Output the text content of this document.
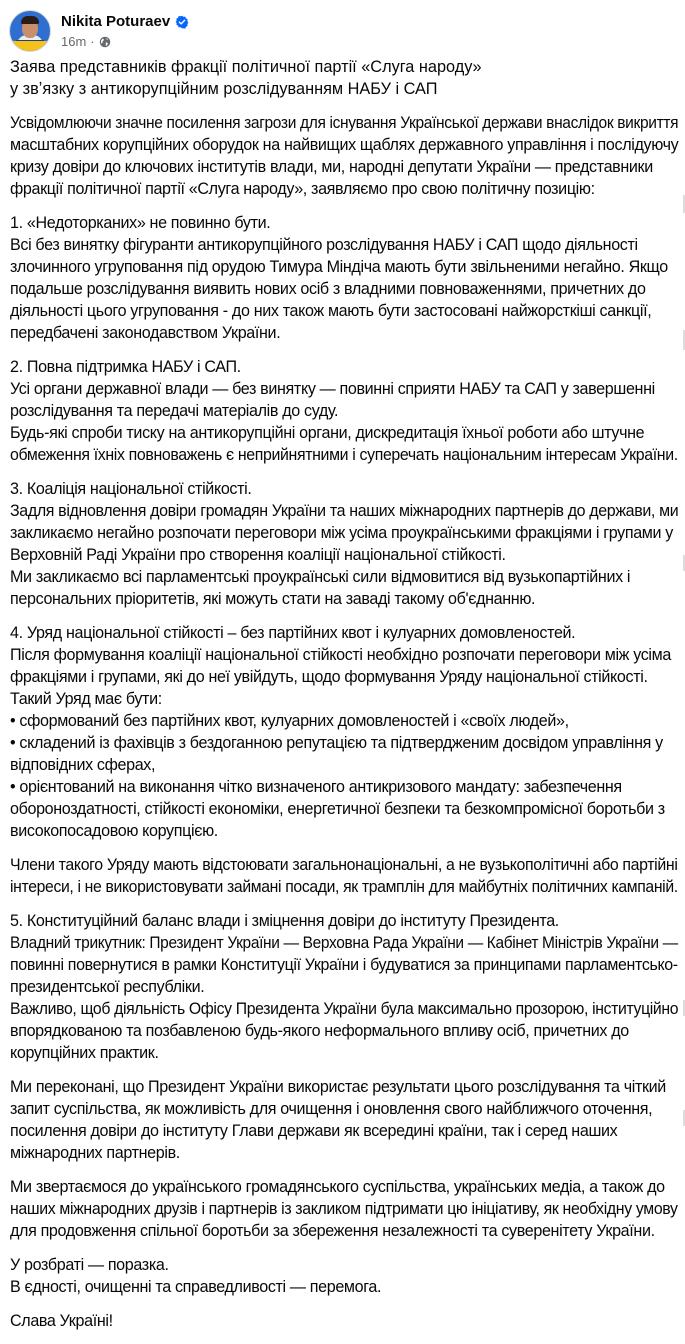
Nikita Poturaev
16m ·
Заява представників фракції політичної партії «Слуга народу»
у звʼязку з антикорупційним розслідуванням НАБУ і САП
Усвідомлюючи значне посилення загрози для існування Української держави внаслідок викриття
масштабних корупційних оборудок на найвищих щаблях державного управління і послідуючу
кризу довіри до ключових інститутів влади, ми, народні депутати України — представники
фракції політичної партії «Слуга народу», заявляємо про свою політичну позицію:
1. «Недоторканих» не повинно бути.
Всі без винятку фігуранти антикорупційного розслідування НАБУ і САП щодо діяльності
злочинного угруповання під орудою Тимура Міндіча мають бути звільненими негайно. Якщо
подальше розслідування виявить нових осіб з владними повноваженнями, причетних до
діяльності цього угруповання - до них також мають бути застосовані найжорсткіші санкції,
передбачені законодавством України.
2. Повна підтримка НАБУ і САП.
Усі органи державної влади — без винятку — повинні сприяти НАБУ та САП у завершенні
розслідування та передачі матеріалів до суду.
Будь-які спроби тиску на антикорупційні органи, дискредитація їхньої роботи або штучне
обмеження їхніх повноважень є неприйнятними і суперечать національним інтересам України.
3. Коаліція національної стійкості.
Задля відновлення довіри громадян України та наших міжнародних партнерів до держави, ми
закликаємо негайно розпочати переговори між усіма проукраїнськими фракціями і групами у
Верховній Раді України про створення коаліції національної стійкості.
Ми закликаємо всі парламентські проукраїнські сили відмовитися від вузькопартійних і
персональних пріоритетів, які можуть стати на заваді такому об'єднанню.
4. Уряд національної стійкості – без партійних квот і кулуарних домовленостей.
Після формування коаліції національної стійкості необхідно розпочати переговори між усіма
фракціями і групами, які до неї увійдуть, щодо формування Уряду національної стійкості.
Такий Уряд має бути:
• сформований без партійних квот, кулуарних домовленостей і «своїх людей»,
• складений із фахівців з бездоганною репутацією та підтвердженим досвідом управління у
відповідних сферах,
• орієнтований на виконання чітко визначеного антикризового мандату: забезпечення
обороноздатності, стійкості економіки, енергетичної безпеки та безкомпромісної боротьби з
високопосадовою корупцією.
Члени такого Уряду мають відстоювати загальнонаціональні, а не вузькополітичні або партійні
інтереси, і не використовувати займані посади, як трамплін для майбутніх політичних кампаній.
5. Конституційний баланс влади і зміцнення довіри до інституту Президента.
Владний трикутник: Президент України — Верховна Рада України — Кабінет Міністрів України —
повинні повернутися в рамки Конституції України і будуватися за принципами парламентсько-
президентської республіки.
Важливо, щоб діяльність Офісу Президента України була максимально прозорою, інституційно
впорядкованою та позбавленою будь-якого неформального впливу осіб, причетних до
корупційних практик.
Ми переконані, що Президент України використає результати цього розслідування та чіткий
запит суспільства, як можливість для очищення і оновлення свого найближчого оточення,
посилення довіри до інституту Глави держави як всередині країни, так і серед наших
міжнародних партнерів.
Ми звертаємося до українського громадянського суспільства, українських медіа, а також до
наших міжнародних друзів і партнерів із закликом підтримати цю ініціативу, як необхідну умову
для продовження спільної боротьби за збереження незалежності та суверенітету України.
У розбраті — поразка.
В єдності, очищенні та справедливості — перемога.
Слава Україні!
